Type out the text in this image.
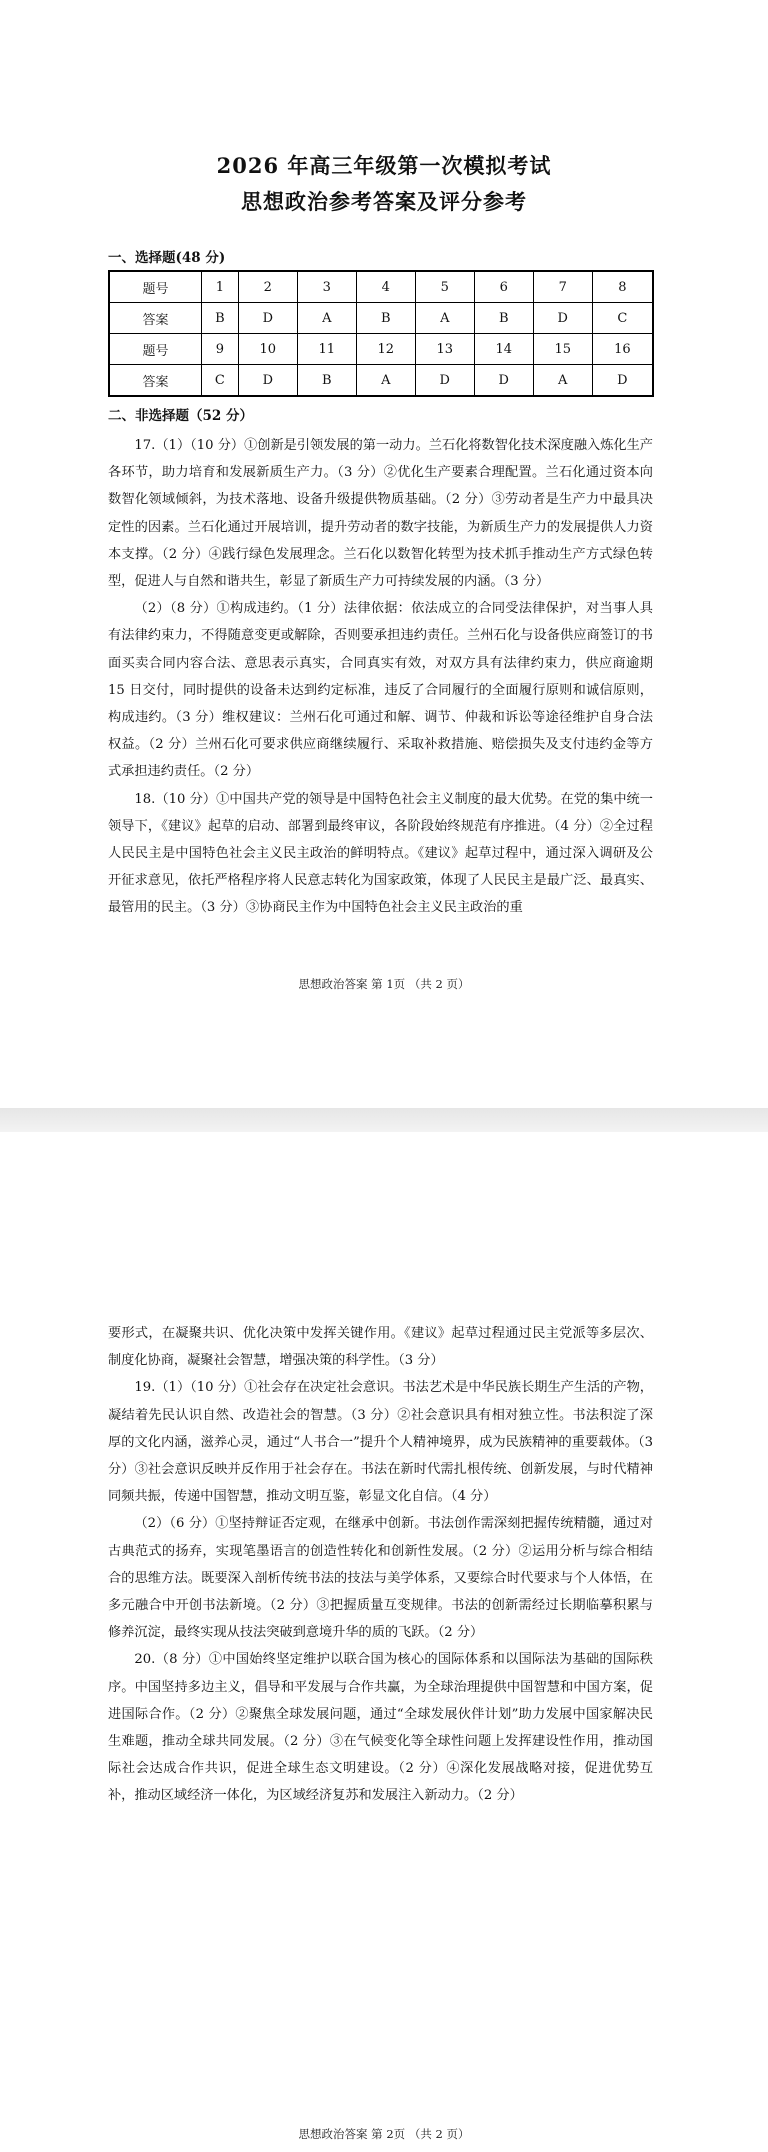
2026 年高三年级第一次模拟考试
思想政治参考答案及评分参考
一、选择题(48 分)
题号	1	2	3	4	5	6	7	8
答案	B	D	A	B	A	B	D	C
题号	9	10	11	12	13	14	15	16
答案	C	D	B	A	D	D	A	D
二、非选择题（52 分）

17.（1）（10 分）①创新是引领发展的第一动力。兰石化将数智化技术深度融入炼化生产各环节，助力培育和发展新质生产力。（3 分）②优化生产要素合理配置。兰石化通过资本向数智化领域倾斜，为技术落地、设备升级提供物质基础。（2 分）③劳动者是生产力中最具决定性的因素。兰石化通过开展培训，提升劳动者的数字技能，为新质生产力的发展提供人力资本支撑。（2 分）④践行绿色发展理念。兰石化以数智化转型为技术抓手推动生产方式绿色转型，促进人与自然和谐共生，彰显了新质生产力可持续发展的内涵。（3 分）

（2）（8 分）①构成违约。（1 分）法律依据：依法成立的合同受法律保护，对当事人具有法律约束力，不得随意变更或解除，否则要承担违约责任。兰州石化与设备供应商签订的书面买卖合同内容合法、意思表示真实，合同真实有效，对双方具有法律约束力，供应商逾期 15 日交付，同时提供的设备未达到约定标准，违反了合同履行的全面履行原则和诚信原则，构成违约。（3 分）维权建议：兰州石化可通过和解、调节、仲裁和诉讼等途径维护自身合法权益。（2 分）兰州石化可要求供应商继续履行、采取补救措施、赔偿损失及支付违约金等方式承担违约责任。（2 分）

18.（10 分）①中国共产党的领导是中国特色社会主义制度的最大优势。在党的集中统一领导下，《建议》起草的启动、部署到最终审议，各阶段始终规范有序推进。（4 分）②全过程人民民主是中国特色社会主义民主政治的鲜明特点。《建议》起草过程中，通过深入调研及公开征求意见，依托严格程序将人民意志转化为国家政策，体现了人民民主是最广泛、最真实、最管用的民主。（3 分）③协商民主作为中国特色社会主义民主政治的重

思想政治答案 第 1页 （共 2 页）

要形式，在凝聚共识、优化决策中发挥关键作用。《建议》起草过程通过民主党派等多层次、制度化协商，凝聚社会智慧，增强决策的科学性。（3 分）

19.（1）（10 分）①社会存在决定社会意识。书法艺术是中华民族长期生产生活的产物，凝结着先民认识自然、改造社会的智慧。（3 分）②社会意识具有相对独立性。书法积淀了深厚的文化内涵，滋养心灵，通过“人书合一”提升个人精神境界，成为民族精神的重要载体。（3 分）③社会意识反映并反作用于社会存在。书法在新时代需扎根传统、创新发展，与时代精神同频共振，传递中国智慧，推动文明互鉴，彰显文化自信。（4 分）

（2）（6 分）①坚持辩证否定观，在继承中创新。书法创作需深刻把握传统精髓，通过对古典范式的扬弃，实现笔墨语言的创造性转化和创新性发展。（2 分）②运用分析与综合相结合的思维方法。既要深入剖析传统书法的技法与美学体系，又要综合时代要求与个人体悟，在多元融合中开创书法新境。（2 分）③把握质量互变规律。书法的创新需经过长期临摹积累与修养沉淀，最终实现从技法突破到意境升华的质的飞跃。（2 分）

20.（8 分）①中国始终坚定维护以联合国为核心的国际体系和以国际法为基础的国际秩序。中国坚持多边主义，倡导和平发展与合作共赢，为全球治理提供中国智慧和中国方案，促进国际合作。（2 分）②聚焦全球发展问题，通过“全球发展伙伴计划”助力发展中国家解决民生难题，推动全球共同发展。（2 分）③在气候变化等全球性问题上发挥建设性作用，推动国际社会达成合作共识，促进全球生态文明建设。（2 分）④深化发展战略对接，促进优势互补，推动区域经济一体化，为区域经济复苏和发展注入新动力。（2 分）

思想政治答案 第 2页 （共 2 页）
